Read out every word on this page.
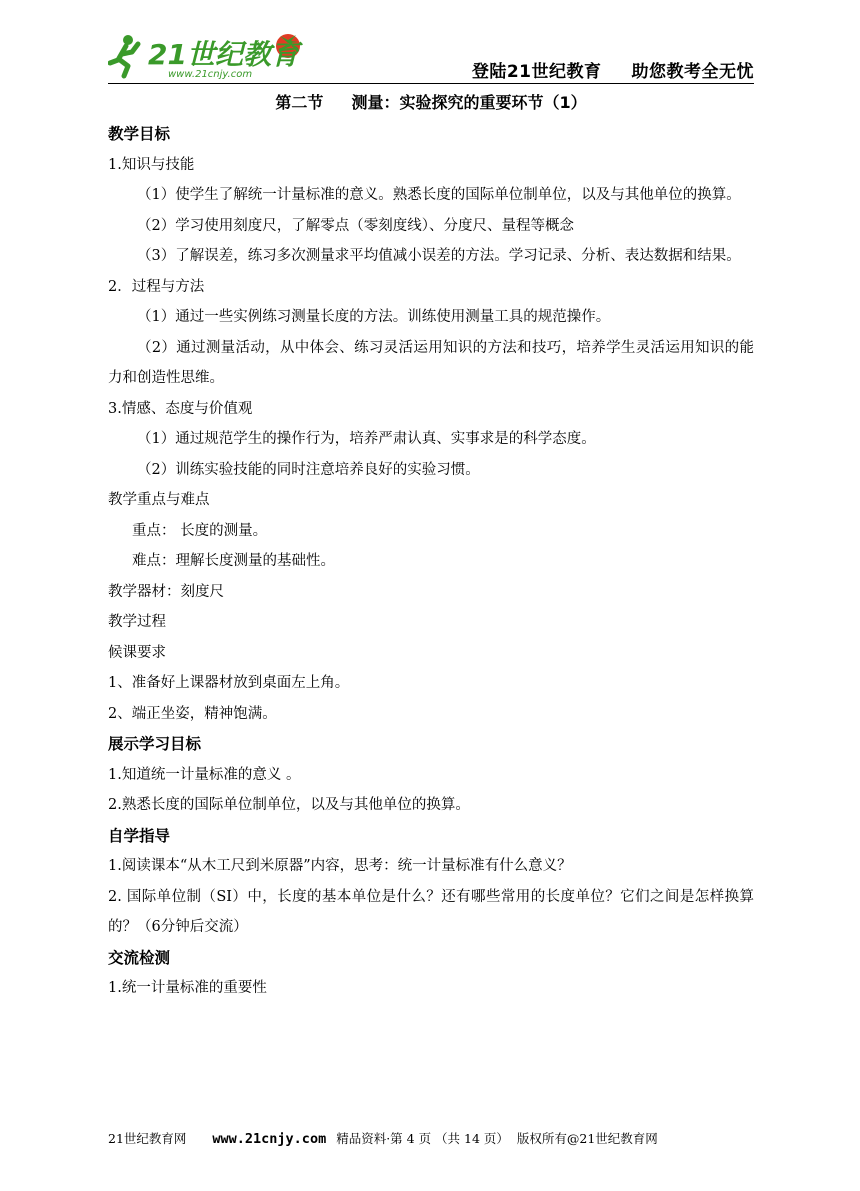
21世纪教育
www.21cnjy.com	登陆21世纪教育 助您教考全无忧
第二节 测量：实验探究的重要环节（1）

教学目标

1.知识与技能

（1）使学生了解统一计量标准的意义。熟悉长度的国际单位制单位，以及与其他单位的换算。

（2）学习使用刻度尺，了解零点（零刻度线）、分度尺、量程等概念

（3）了解误差，练习多次测量求平均值减小误差的方法。学习记录、分析、表达数据和结果。

2．过程与方法

（1）通过一些实例练习测量长度的方法。训练使用测量工具的规范操作。

（2）通过测量活动，从中体会、练习灵活运用知识的方法和技巧，培养学生灵活运用知识的能力和创造性思维。

3.情感、态度与价值观

（1）通过规范学生的操作行为，培养严肃认真、实事求是的科学态度。

（2）训练实验技能的同时注意培养良好的实验习惯。

教学重点与难点

重点： 长度的测量。

难点：理解长度测量的基础性。

教学器材：刻度尺

教学过程

候课要求

1、准备好上课器材放到桌面左上角。

2、端正坐姿，精神饱满。

展示学习目标

1.知道统一计量标准的意义 。

2.熟悉长度的国际单位制单位，以及与其他单位的换算。

自学指导

1.阅读课本“从木工尺到米原器”内容，思考：统一计量标准有什么意义？

2. 国际单位制（SI）中，长度的基本单位是什么？还有哪些常用的长度单位？它们之间是怎样换算的？（6分钟后交流）

交流检测

1.统一计量标准的重要性

21世纪教育网 www.21cnjy.com 精品资料·第 4 页 （共 14 页） 版权所有@21世纪教育网
